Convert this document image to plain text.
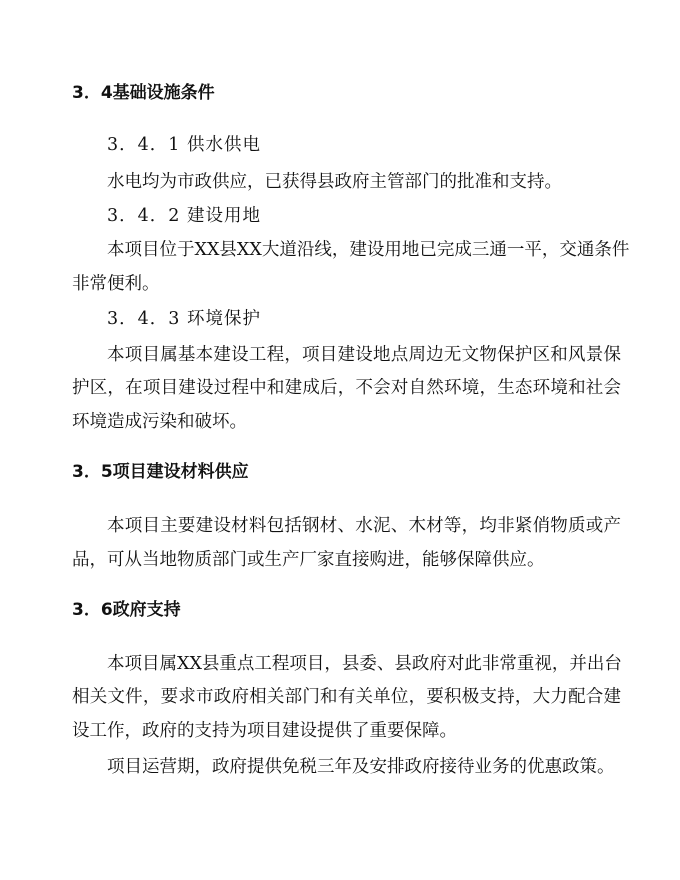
3．4基础设施条件
3．4．1 供水供电
水电均为市政供应，已获得县政府主管部门的批准和支持。
3．4．2 建设用地
本项目位于XX县XX大道沿线，建设用地已完成三通一平，交通条件
非常便利。
3．4．3 环境保护
本项目属基本建设工程，项目建设地点周边无文物保护区和风景保
护区，在项目建设过程中和建成后，不会对自然环境，生态环境和社会
环境造成污染和破坏。
3．5项目建设材料供应
本项目主要建设材料包括钢材、水泥、木材等，均非紧俏物质或产
品，可从当地物质部门或生产厂家直接购进，能够保障供应。
3．6政府支持
本项目属XX县重点工程项目，县委、县政府对此非常重视，并出台
相关文件，要求市政府相关部门和有关单位，要积极支持，大力配合建
设工作，政府的支持为项目建设提供了重要保障。
项目运营期，政府提供免税三年及安排政府接待业务的优惠政策。
